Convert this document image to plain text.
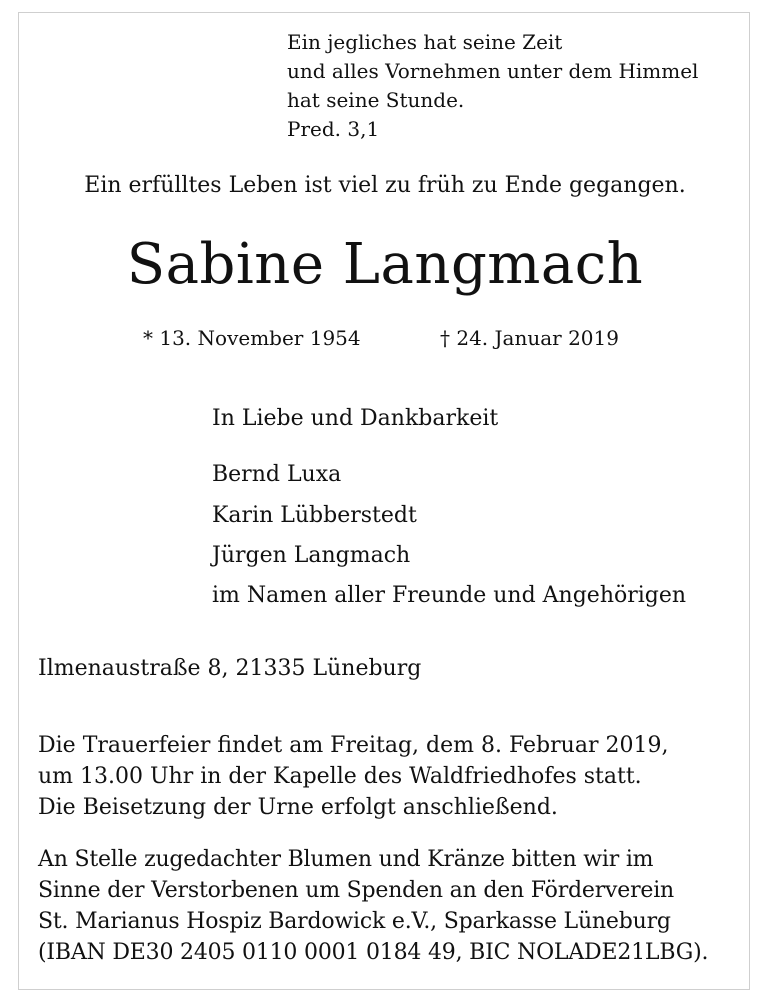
Ein jegliches hat seine Zeit
und alles Vornehmen unter dem Himmel
hat seine Stunde.
Pred. 3,1
Ein erfülltes Leben ist viel zu früh zu Ende gegangen.
Sabine Langmach
* 13. November 1954	† 24. Januar 2019
In Liebe und Dankbarkeit
Bernd Luxa
Karin Lübberstedt
Jürgen Langmach
im Namen aller Freunde und Angehörigen
Ilmenaustraße 8, 21335 Lüneburg
Die Trauerfeier findet am Freitag, dem 8. Februar 2019,
um 13.00 Uhr in der Kapelle des Waldfriedhofes statt.
Die Beisetzung der Urne erfolgt anschließend.
An Stelle zugedachter Blumen und Kränze bitten wir im
Sinne der Verstorbenen um Spenden an den Förderverein
St. Marianus Hospiz Bardowick e.V., Sparkasse Lüneburg
(IBAN DE30 2405 0110 0001 0184 49, BIC NOLADE21LBG).
